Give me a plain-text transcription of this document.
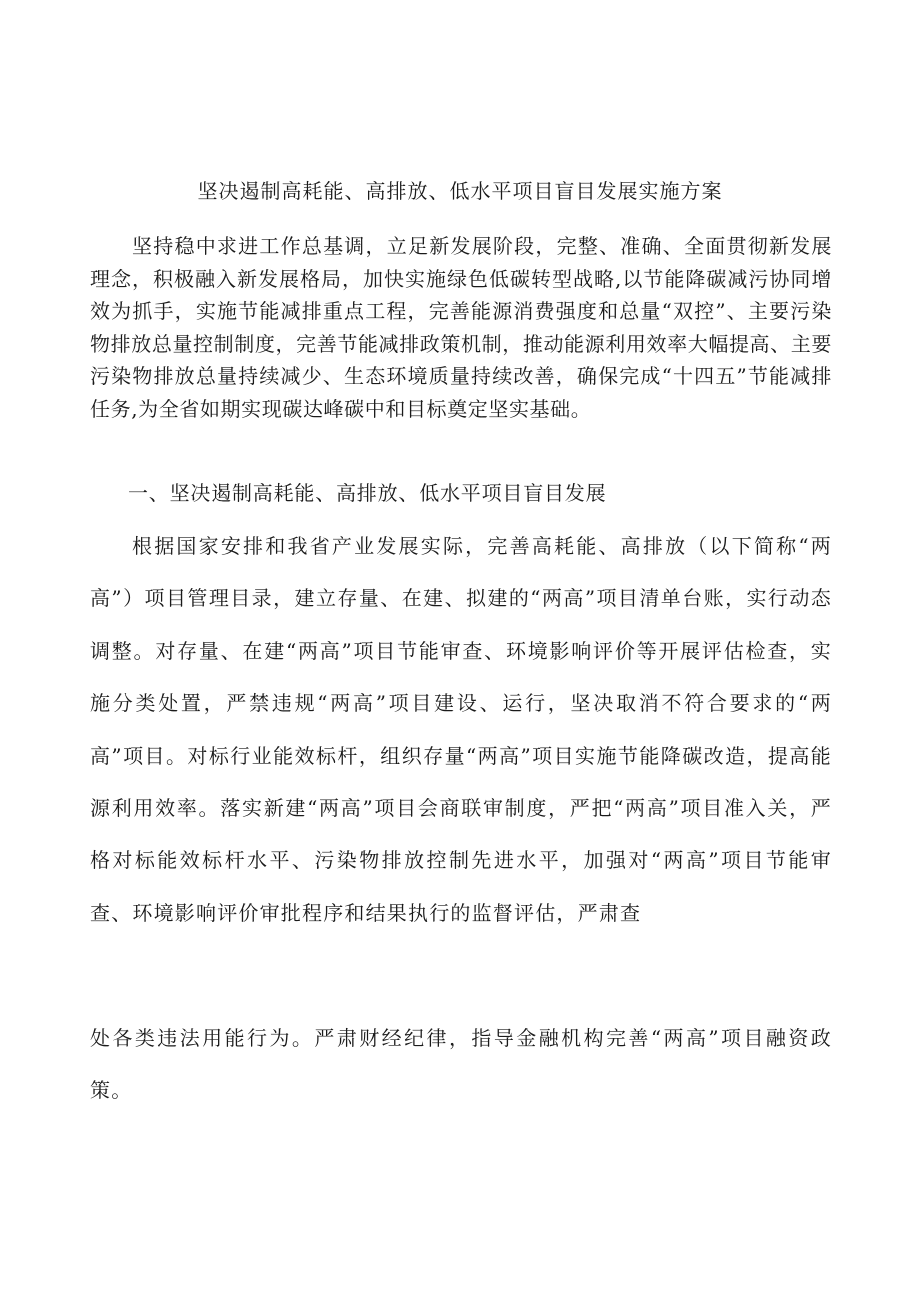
坚决遏制高耗能、高排放、低水平项目盲目发展实施方案

坚持稳中求进工作总基调，立足新发展阶段，完整、准确、全面贯彻新发展理念，积极融入新发展格局，加快实施绿色低碳转型战略,以节能降碳减污协同增效为抓手，实施节能减排重点工程，完善能源消费强度和总量“双控”、主要污染物排放总量控制制度，完善节能减排政策机制，推动能源利用效率大幅提高、主要污染物排放总量持续减少、生态环境质量持续改善，确保完成“十四五”节能减排任务,为全省如期实现碳达峰碳中和目标奠定坚实基础。

一、坚决遏制高耗能、高排放、低水平项目盲目发展

根据国家安排和我省产业发展实际，完善高耗能、高排放（以下简称“两高”）项目管理目录，建立存量、在建、拟建的“两高”项目清单台账，实行动态调整。对存量、在建“两高”项目节能审查、环境影响评价等开展评估检查，实施分类处置，严禁违规“两高”项目建设、运行，坚决取消不符合要求的“两高”项目。对标行业能效标杆，组织存量“两高”项目实施节能降碳改造，提高能源利用效率。落实新建“两高”项目会商联审制度，严把“两高”项目准入关，严格对标能效标杆水平、污染物排放控制先进水平，加强对“两高”项目节能审查、环境影响评价审批程序和结果执行的监督评估，严肃查

处各类违法用能行为。严肃财经纪律，指导金融机构完善“两高”项目融资政策。
